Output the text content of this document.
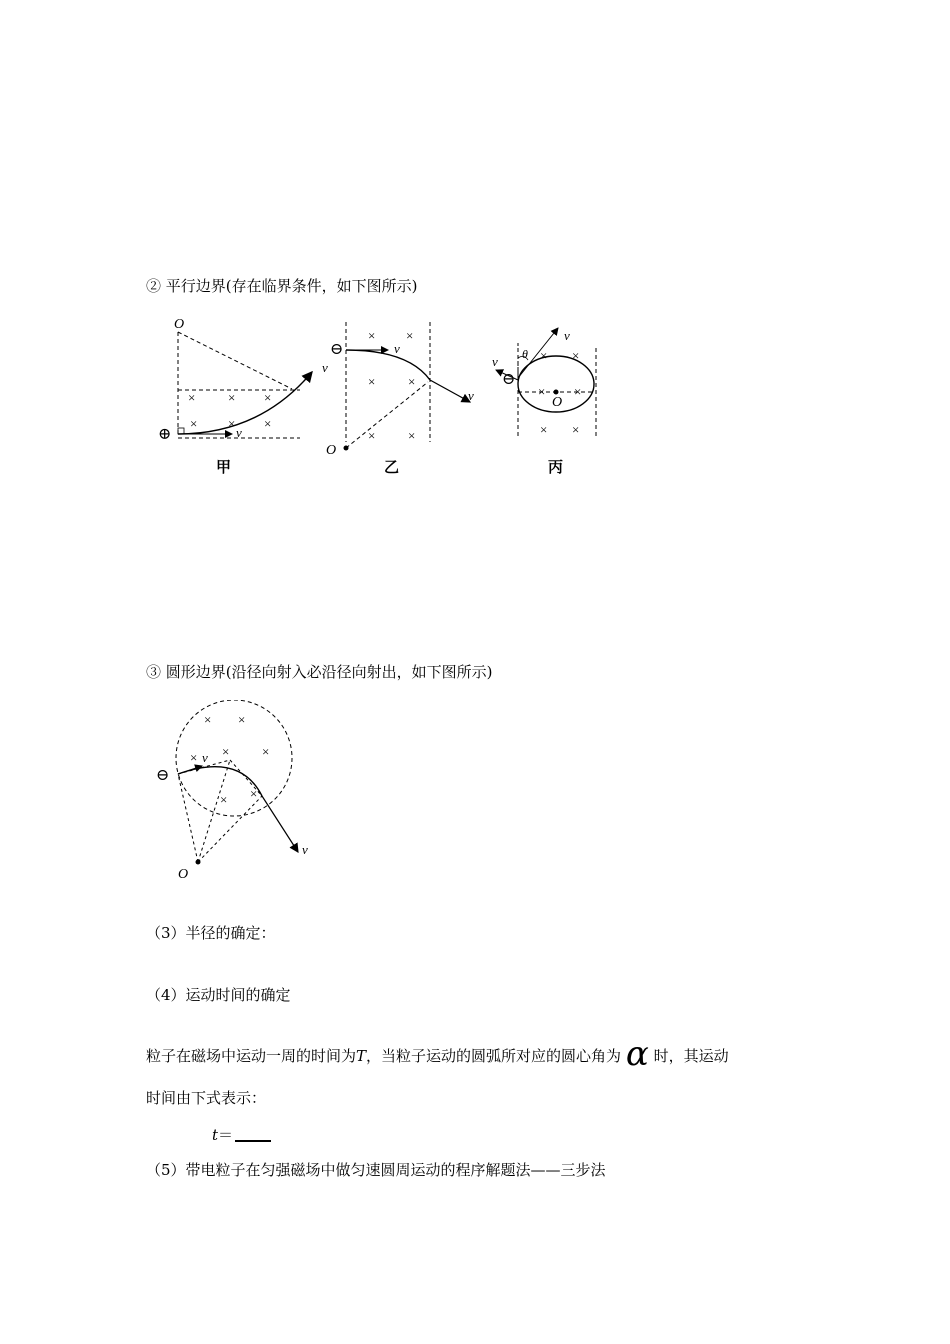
② 平行边界(存在临界条件，如下图所示)
O
v
v
⊕
×	× ×
× × ×
甲
v
v
O
⊖
× ×
×	×
×	×
乙
θ
v
v
O
⊖
× ×
× ×
× ×
丙
③ 圆形边界(沿径向射入必沿径向射出，如下图所示)
v
v
O
⊖
× ×
× ×	×
× ×
（3）半径的确定：
（4）运动时间的确定
粒子在磁场中运动一周的时间为T，当粒子运动的圆弧所对应的圆心角为 α 时，其运动
时间由下式表示：
t＝
（5）带电粒子在匀强磁场中做匀速圆周运动的程序解题法——三步法
